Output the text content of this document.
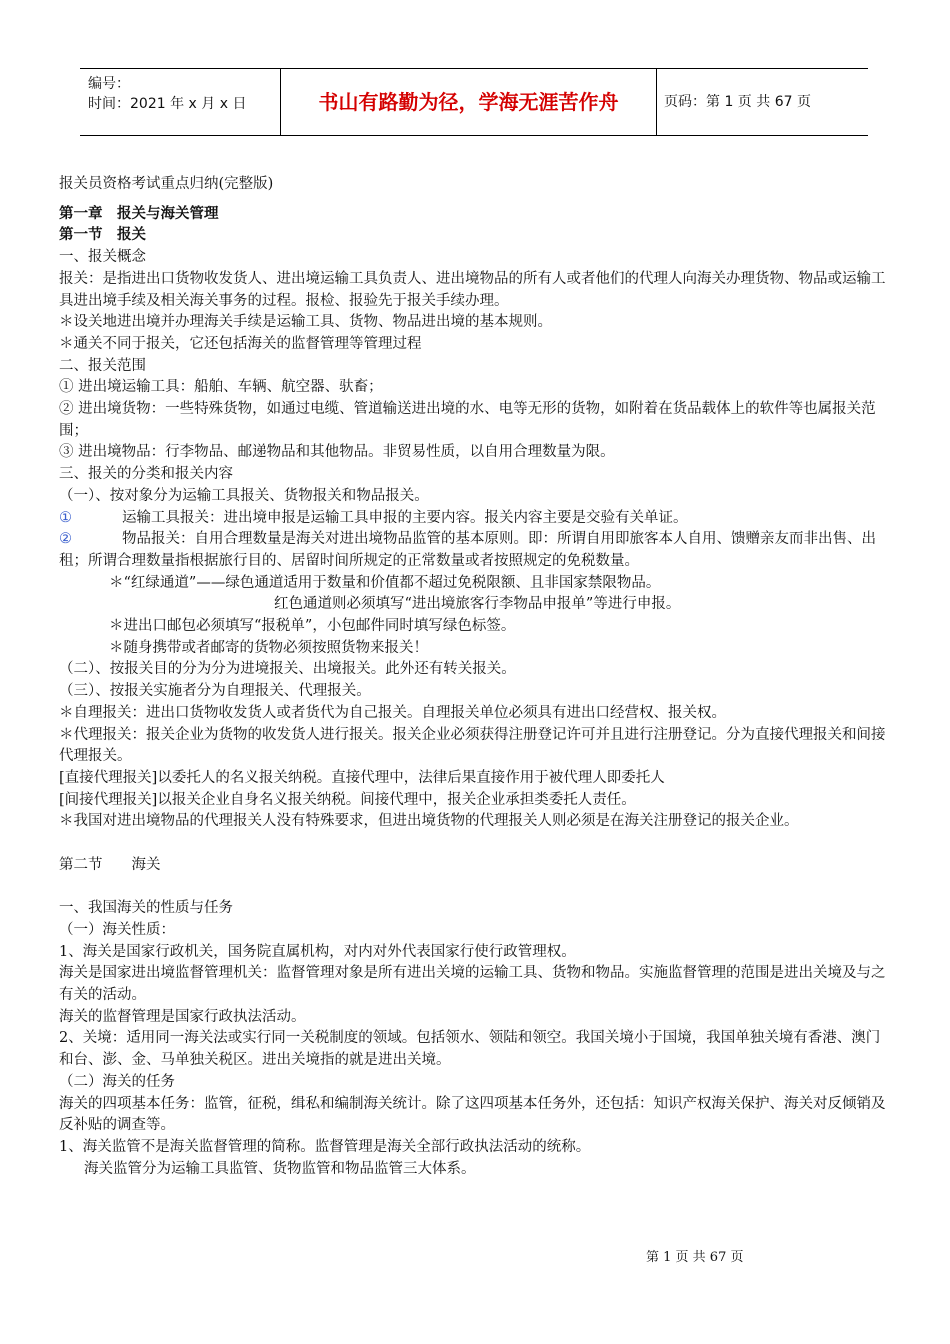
编号：
时间：2021 年 x 月 x 日	书山有路勤为径，学海无涯苦作舟	页码：第 1 页 共 67 页

报关员资格考试重点归纳(完整版)

第一章　报关与海关管理

第一节　报关

一、报关概念

报关：是指进出口货物收发货人、进出境运输工具负责人、进出境物品的所有人或者他们的代理人向海关办理货物、物品或运输工具进出境手续及相关海关事务的过程。报检、报验先于报关手续办理。

＊设关地进出境并办理海关手续是运输工具、货物、物品进出境的基本规则。

＊通关不同于报关，它还包括海关的监督管理等管理过程

二、报关范围

① 进出境运输工具：船舶、车辆、航空器、驮畜；

② 进出境货物：一些特殊货物，如通过电缆、管道输送进出境的水、电等无形的货物，如附着在货品载体上的软件等也属报关范围；

③ 进出境物品：行李物品、邮递物品和其他物品。非贸易性质，以自用合理数量为限。

三、报关的分类和报关内容

（一）、按对象分为运输工具报关、货物报关和物品报关。

①	运输工具报关：进出境申报是运输工具申报的主要内容。报关内容主要是交验有关单证。

②	物品报关：自用合理数量是海关对进出境物品监管的基本原则。即：所谓自用即旅客本人自用、馈赠亲友而非出售、出租；所谓合理数量指根据旅行目的、居留时间所规定的正常数量或者按照规定的免税数量。

＊“红绿通道”——绿色通道适用于数量和价值都不超过免税限额、且非国家禁限物品。

红色通道则必须填写“进出境旅客行李物品申报单”等进行申报。

＊进出口邮包必须填写“报税单”，小包邮件同时填写绿色标签。

＊随身携带或者邮寄的货物必须按照货物来报关！

（二）、按报关目的分为分为进境报关、出境报关。此外还有转关报关。

（三）、按报关实施者分为自理报关、代理报关。

＊自理报关：进出口货物收发货人或者货代为自己报关。自理报关单位必须具有进出口经营权、报关权。

＊代理报关：报关企业为货物的收发货人进行报关。报关企业必须获得注册登记许可并且进行注册登记。分为直接代理报关和间接代理报关。

[直接代理报关]以委托人的名义报关纳税。直接代理中，法律后果直接作用于被代理人即委托人

[间接代理报关]以报关企业自身名义报关纳税。间接代理中，报关企业承担类委托人责任。

＊我国对进出境物品的代理报关人没有特殊要求，但进出境货物的代理报关人则必须是在海关注册登记的报关企业。

第二节　　海关

一、我国海关的性质与任务

（一）海关性质：

1、海关是国家行政机关，国务院直属机构，对内对外代表国家行使行政管理权。

海关是国家进出境监督管理机关：监督管理对象是所有进出关境的运输工具、货物和物品。实施监督管理的范围是进出关境及与之有关的活动。

海关的监督管理是国家行政执法活动。

2、关境：适用同一海关法或实行同一关税制度的领域。包括领水、领陆和领空。我国关境小于国境，我国单独关境有香港、澳门和台、澎、金、马单独关税区。进出关境指的就是进出关境。

（二）海关的任务

海关的四项基本任务：监管，征税，缉私和编制海关统计。除了这四项基本任务外，还包括：知识产权海关保护、海关对反倾销及反补贴的调查等。

1、海关监管不是海关监督管理的简称。监督管理是海关全部行政执法活动的统称。

海关监管分为运输工具监管、货物监管和物品监管三大体系。

第 1 页 共 67 页
